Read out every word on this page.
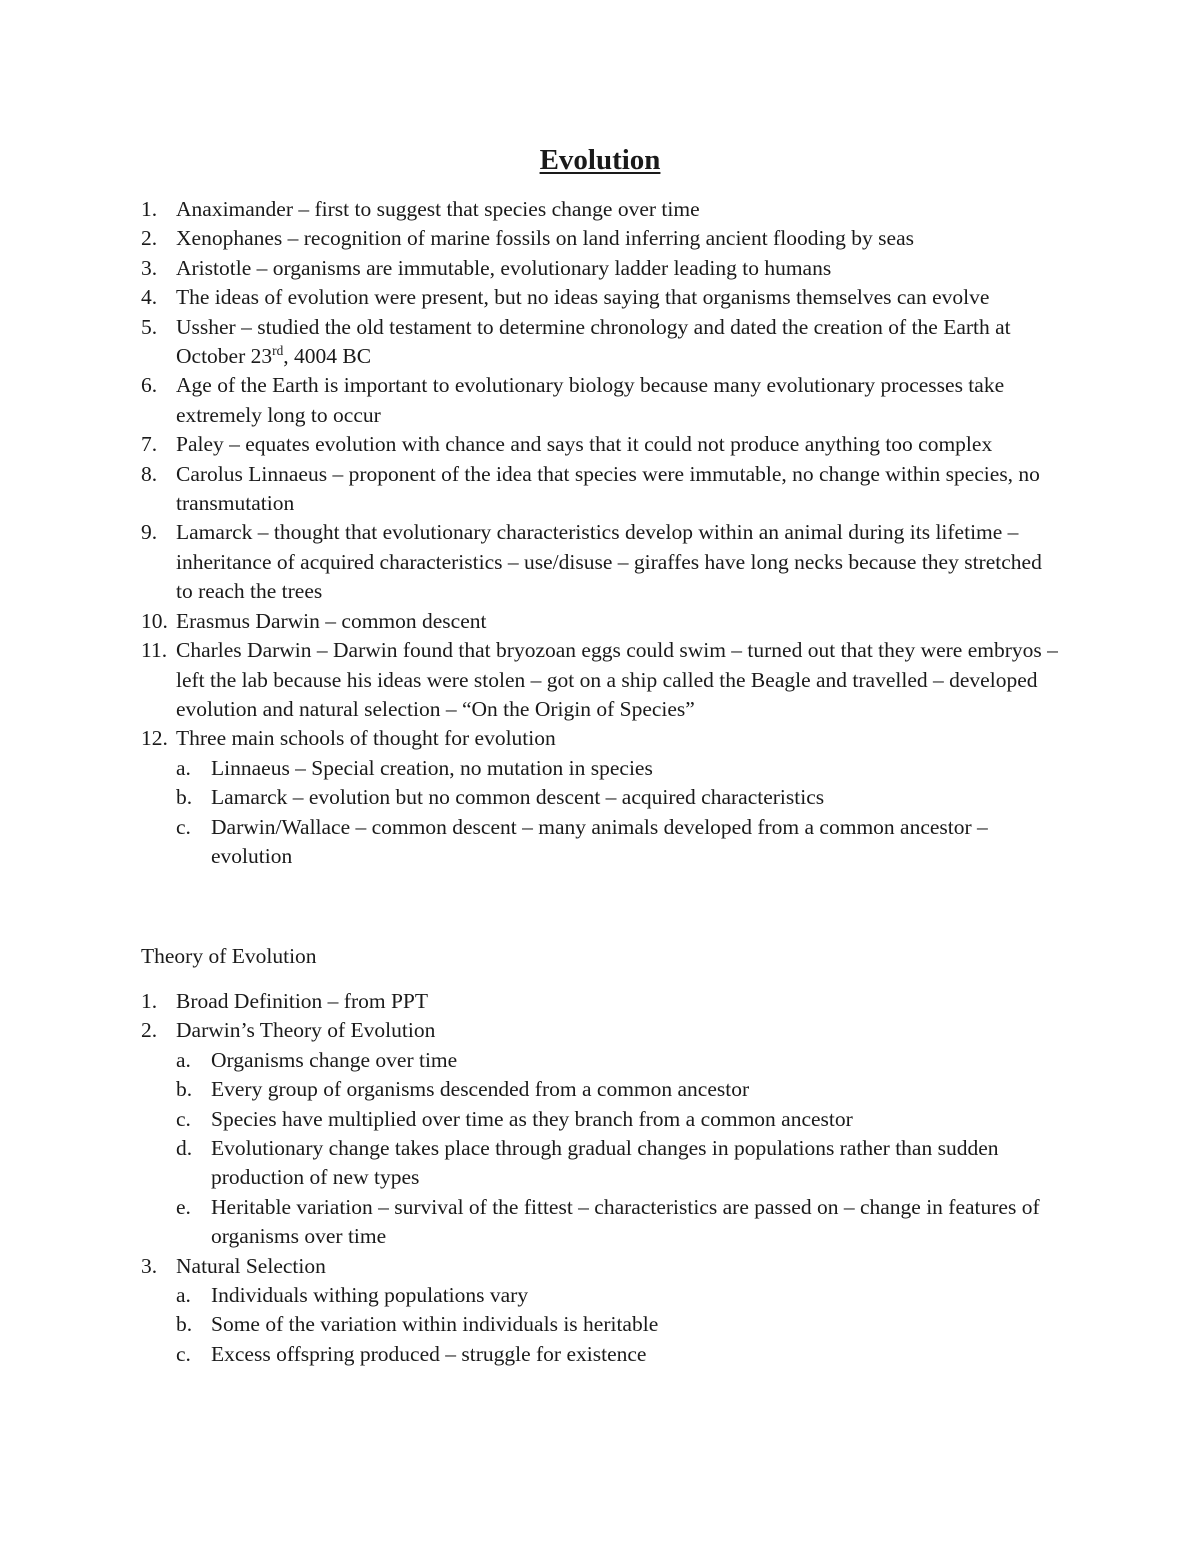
Evolution
1. Anaximander – first to suggest that species change over time
2. Xenophanes – recognition of marine fossils on land inferring ancient flooding by seas
3. Aristotle – organisms are immutable, evolutionary ladder leading to humans
4. The ideas of evolution were present, but no ideas saying that organisms themselves can evolve
5. Ussher – studied the old testament to determine chronology and dated the creation of the Earth at October 23rd, 4004 BC
6. Age of the Earth is important to evolutionary biology because many evolutionary processes take extremely long to occur
7. Paley – equates evolution with chance and says that it could not produce anything too complex
8. Carolus Linnaeus – proponent of the idea that species were immutable, no change within species, no transmutation
9. Lamarck – thought that evolutionary characteristics develop within an animal during its lifetime – inheritance of acquired characteristics – use/disuse – giraffes have long necks because they stretched to reach the trees
10. Erasmus Darwin – common descent
11. Charles Darwin – Darwin found that bryozoan eggs could swim – turned out that they were embryos – left the lab because his ideas were stolen – got on a ship called the Beagle and travelled – developed evolution and natural selection – “On the Origin of Species”
12. Three main schools of thought for evolution
a. Linnaeus – Special creation, no mutation in species
b. Lamarck – evolution but no common descent – acquired characteristics
c. Darwin/Wallace – common descent – many animals developed from a common ancestor – evolution
Theory of Evolution
1. Broad Definition – from PPT
2. Darwin’s Theory of Evolution
a. Organisms change over time
b. Every group of organisms descended from a common ancestor
c. Species have multiplied over time as they branch from a common ancestor
d. Evolutionary change takes place through gradual changes in populations rather than sudden production of new types
e. Heritable variation – survival of the fittest – characteristics are passed on – change in features of organisms over time
3. Natural Selection
a. Individuals withing populations vary
b. Some of the variation within individuals is heritable
c. Excess offspring produced – struggle for existence
